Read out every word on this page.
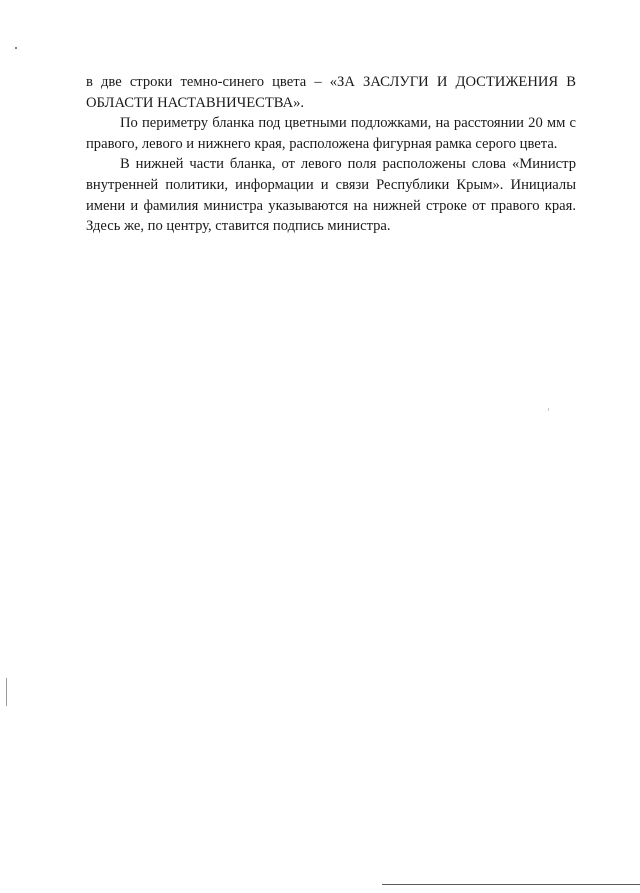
в две строки темно-синего цвета – «ЗА ЗАСЛУГИ И ДОСТИЖЕНИЯ В ОБЛАСТИ НАСТАВНИЧЕСТВА».

По периметру бланка под цветными подложками, на расстоянии 20 мм с правого, левого и нижнего края, расположена фигурная рамка серого цвета.

В нижней части бланка, от левого поля расположены слова «Министр внутренней политики, информации и связи Республики Крым». Инициалы имени и фамилия министра указываются на нижней строке от правого края. Здесь же, по центру, ставится подпись министра.
